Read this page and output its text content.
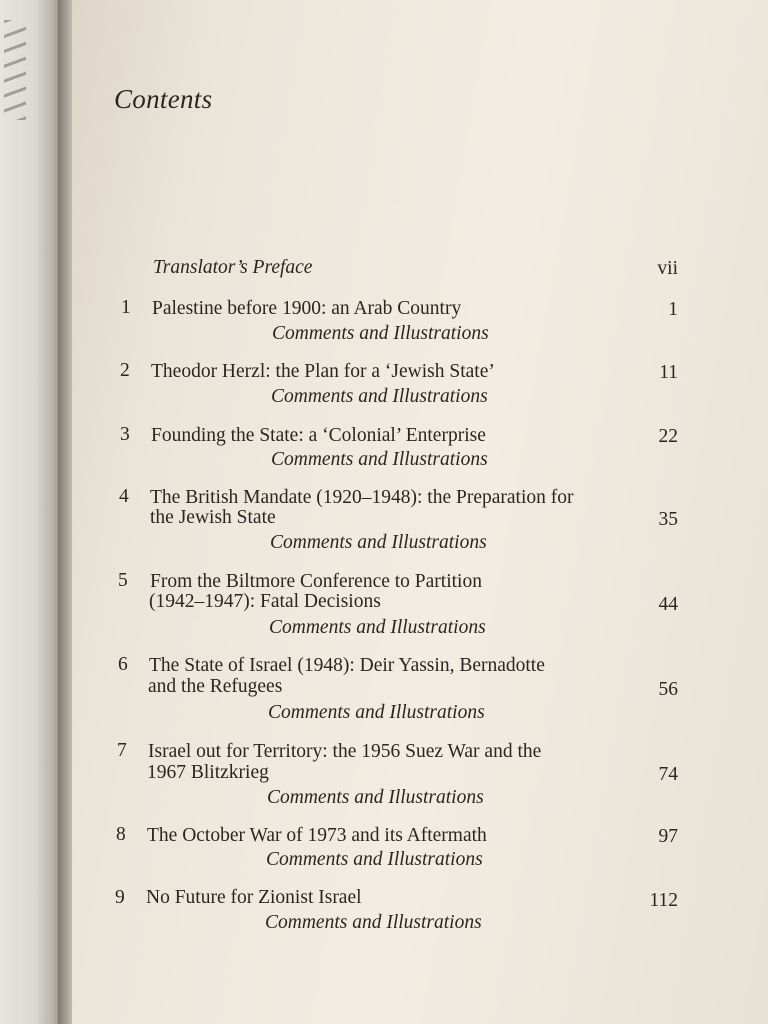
Contents
Translator’s Preface	vii
1 Palestine before 1900: an Arab Country	1
Comments and Illustrations
2 Theodor Herzl: the Plan for a ‘Jewish State’	11
Comments and Illustrations
3 Founding the State: a ‘Colonial’ Enterprise	22
Comments and Illustrations
4 The British Mandate (1920–1948): the Preparation for
the Jewish State	35
Comments and Illustrations
5 From the Biltmore Conference to Partition
(1942–1947): Fatal Decisions	44
Comments and Illustrations
6 The State of Israel (1948): Deir Yassin, Bernadotte
and the Refugees	56
Comments and Illustrations
7 Israel out for Territory: the 1956 Suez War and the
1967 Blitzkrieg	74
Comments and Illustrations
8 The October War of 1973 and its Aftermath	97
Comments and Illustrations
9 No Future for Zionist Israel	112
Comments and Illustrations
